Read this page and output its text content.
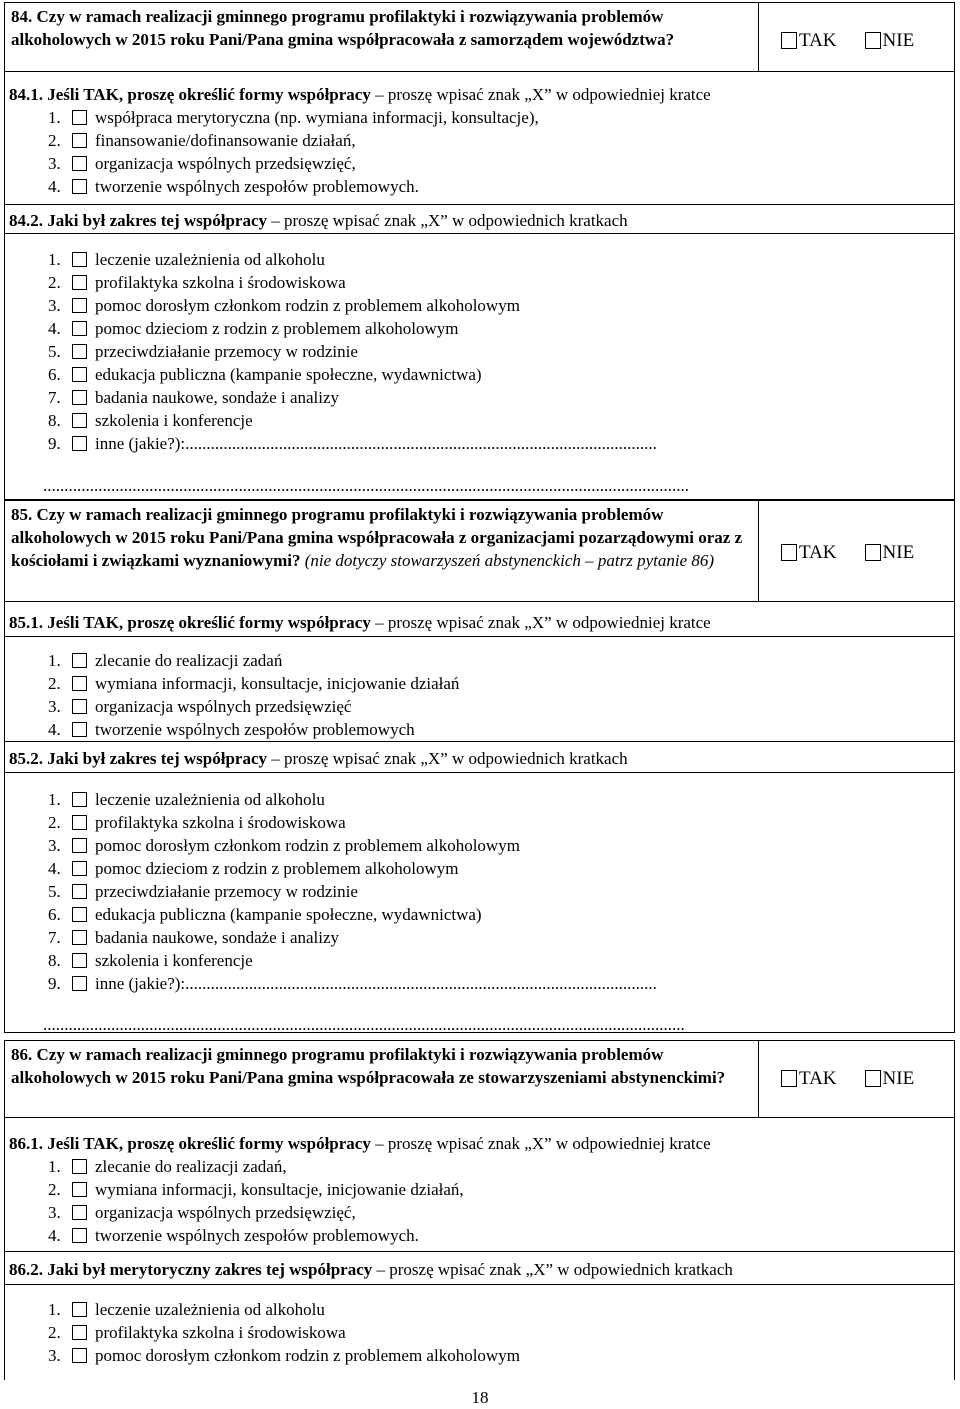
84. Czy w ramach realizacji gminnego programu profilaktyki i rozwiązywania problemów alkoholowych w 2015 roku Pani/Pana gmina współpracowała z samorządem województwa?	TAK NIE
84.1. Jeśli TAK, proszę określić formy współpracy – proszę wpisać znak „X” w odpowiedniej kratce
1.	współpraca merytoryczna (np. wymiana informacji, konsultacje),
2.	finansowanie/dofinansowanie działań,
3.	organizacja wspólnych przedsięwzięć,
4.	tworzenie wspólnych zespołów problemowych.
84.2. Jaki był zakres tej współpracy – proszę wpisać znak „X” w odpowiednich kratkach
1.	leczenie uzależnienia od alkoholu
2.	profilaktyka szkolna i środowiskowa
3.	pomoc dorosłym członkom rodzin z problemem alkoholowym
4.	pomoc dzieciom z rodzin z problemem alkoholowym
5.	przeciwdziałanie przemocy w rodzinie
6.	edukacja publiczna (kampanie społeczne, wydawnictwa)
7.	badania naukowe, sondaże i analizy
8.	szkolenia i konferencje
9.	inne (jakie?):...............................................................................................................
........................................................................................................................................................
85. Czy w ramach realizacji gminnego programu profilaktyki i rozwiązywania problemów alkoholowych w 2015 roku Pani/Pana gmina współpracowała z organizacjami pozarządowymi oraz z kościołami i związkami wyznaniowymi? (nie dotyczy stowarzyszeń abstynenckich – patrz pytanie 86)	TAK NIE
85.1. Jeśli TAK, proszę określić formy współpracy – proszę wpisać znak „X” w odpowiedniej kratce
1.	zlecanie do realizacji zadań
2.	wymiana informacji, konsultacje, inicjowanie działań
3.	organizacja wspólnych przedsięwzięć
4.	tworzenie wspólnych zespołów problemowych
85.2. Jaki był zakres tej współpracy – proszę wpisać znak „X” w odpowiednich kratkach
1.	leczenie uzależnienia od alkoholu
2.	profilaktyka szkolna i środowiskowa
3.	pomoc dorosłym członkom rodzin z problemem alkoholowym
4.	pomoc dzieciom z rodzin z problemem alkoholowym
5.	przeciwdziałanie przemocy w rodzinie
6.	edukacja publiczna (kampanie społeczne, wydawnictwa)
7.	badania naukowe, sondaże i analizy
8.	szkolenia i konferencje
9.	inne (jakie?):...............................................................................................................
.......................................................................................................................................................
86. Czy w ramach realizacji gminnego programu profilaktyki i rozwiązywania problemów alkoholowych w 2015 roku Pani/Pana gmina współpracowała ze stowarzyszeniami abstynenckimi?	TAK NIE
86.1. Jeśli TAK, proszę określić formy współpracy – proszę wpisać znak „X” w odpowiedniej kratce
1.	zlecanie do realizacji zadań,
2.	wymiana informacji, konsultacje, inicjowanie działań,
3.	organizacja wspólnych przedsięwzięć,
4.	tworzenie wspólnych zespołów problemowych.
86.2. Jaki był merytoryczny zakres tej współpracy – proszę wpisać znak „X” w odpowiednich kratkach
1.	leczenie uzależnienia od alkoholu
2.	profilaktyka szkolna i środowiskowa
3.	pomoc dorosłym członkom rodzin z problemem alkoholowym
18
